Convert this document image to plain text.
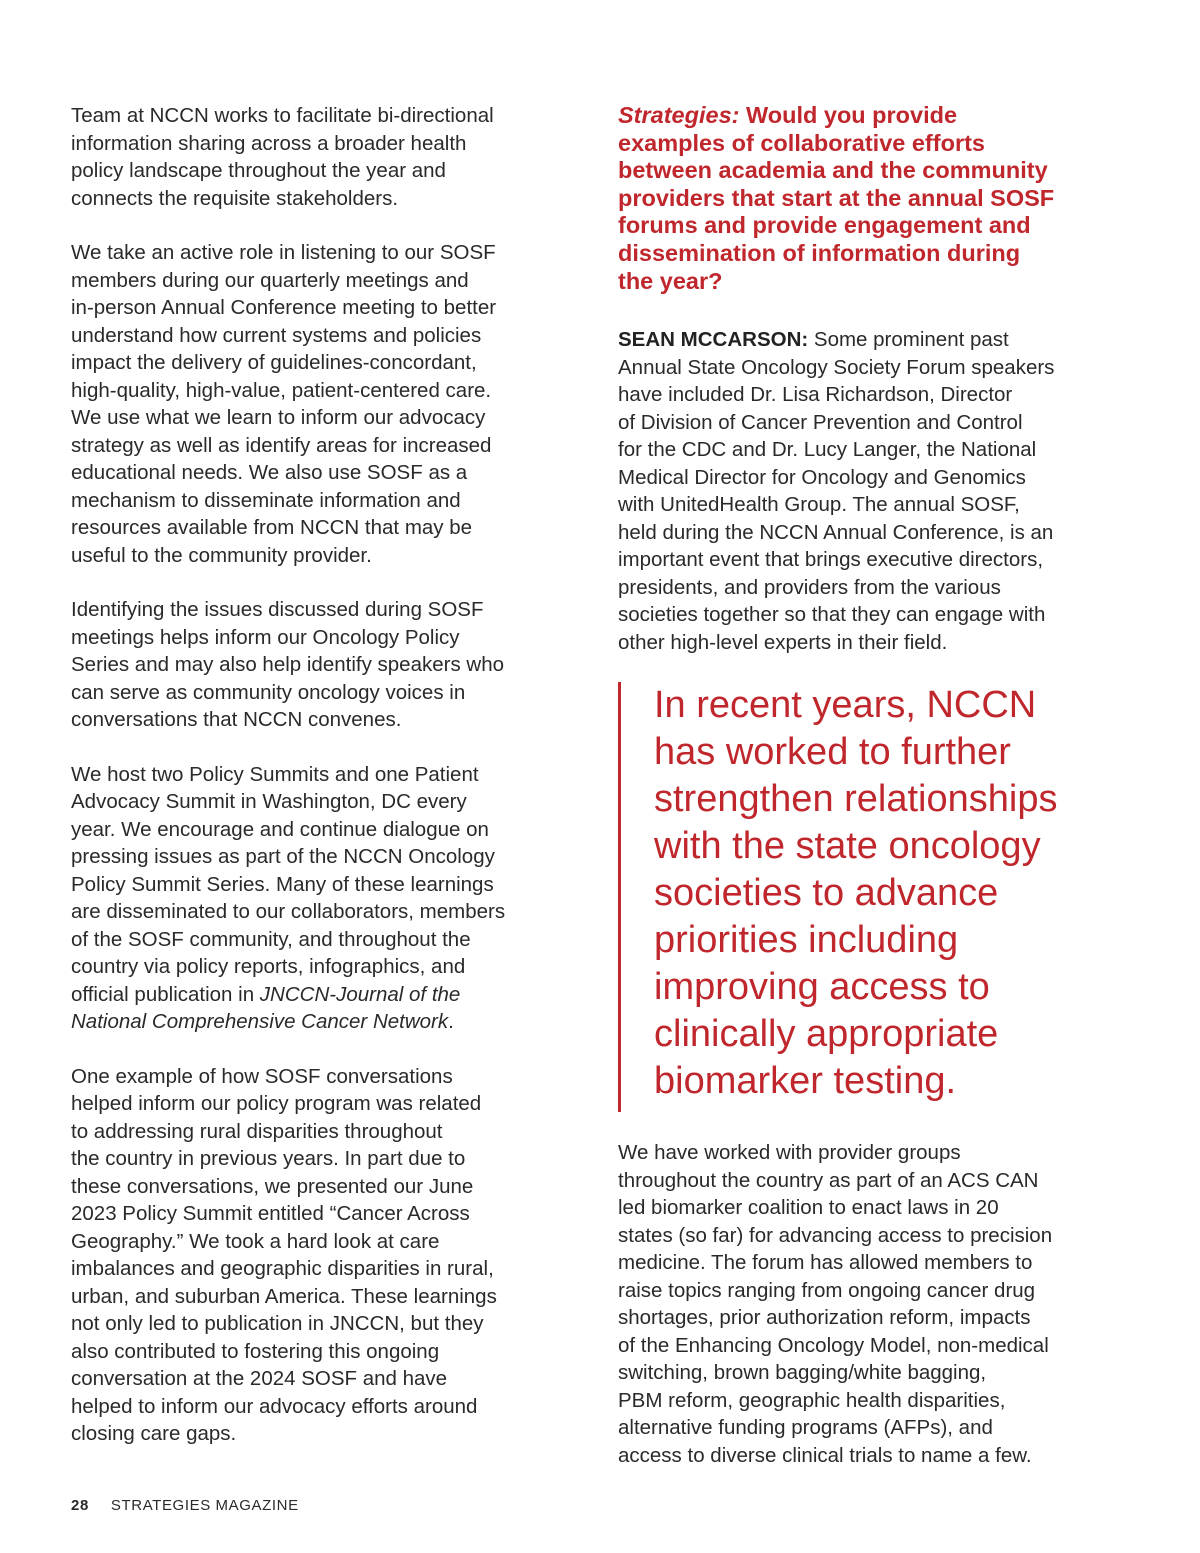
Team at NCCN works to facilitate bi-directional
information sharing across a broader health
policy landscape throughout the year and
connects the requisite stakeholders.

We take an active role in listening to our SOSF
members during our quarterly meetings and
in-person Annual Conference meeting to better
understand how current systems and policies
impact the delivery of guidelines-concordant,
high-quality, high-value, patient-centered care.
We use what we learn to inform our advocacy
strategy as well as identify areas for increased
educational needs. We also use SOSF as a
mechanism to disseminate information and
resources available from NCCN that may be
useful to the community provider.

Identifying the issues discussed during SOSF
meetings helps inform our Oncology Policy
Series and may also help identify speakers who
can serve as community oncology voices in
conversations that NCCN convenes.

We host two Policy Summits and one Patient
Advocacy Summit in Washington, DC every
year. We encourage and continue dialogue on
pressing issues as part of the NCCN Oncology
Policy Summit Series. Many of these learnings
are disseminated to our collaborators, members
of the SOSF community, and throughout the
country via policy reports, infographics, and
official publication in JNCCN-Journal of the
National Comprehensive Cancer Network.

One example of how SOSF conversations
helped inform our policy program was related
to addressing rural disparities throughout
the country in previous years. In part due to
these conversations, we presented our June
2023 Policy Summit entitled “Cancer Across
Geography.” We took a hard look at care
imbalances and geographic disparities in rural,
urban, and suburban America. These learnings
not only led to publication in JNCCN, but they
also contributed to fostering this ongoing
conversation at the 2024 SOSF and have
helped to inform our advocacy efforts around
closing care gaps.

Strategies: Would you provide
examples of collaborative efforts
between academia and the community
providers that start at the annual SOSF
forums and provide engagement and
dissemination of information during
the year?

SEAN MCCARSON: Some prominent past
Annual State Oncology Society Forum speakers
have included Dr. Lisa Richardson, Director
of Division of Cancer Prevention and Control
for the CDC and Dr. Lucy Langer, the National
Medical Director for Oncology and Genomics
with UnitedHealth Group. The annual SOSF,
held during the NCCN Annual Conference, is an
important event that brings executive directors,
presidents, and providers from the various
societies together so that they can engage with
other high-level experts in their field.

In recent years, NCCN
has worked to further
strengthen relationships
with the state oncology
societies to advance
priorities including
improving access to
clinically appropriate
biomarker testing.

We have worked with provider groups
throughout the country as part of an ACS CAN
led biomarker coalition to enact laws in 20
states (so far) for advancing access to precision
medicine. The forum has allowed members to
raise topics ranging from ongoing cancer drug
shortages, prior authorization reform, impacts
of the Enhancing Oncology Model, non-medical
switching, brown bagging/white bagging,
PBM reform, geographic health disparities,
alternative funding programs (AFPs), and
access to diverse clinical trials to name a few.

28 STRATEGIES MAGAZINE
